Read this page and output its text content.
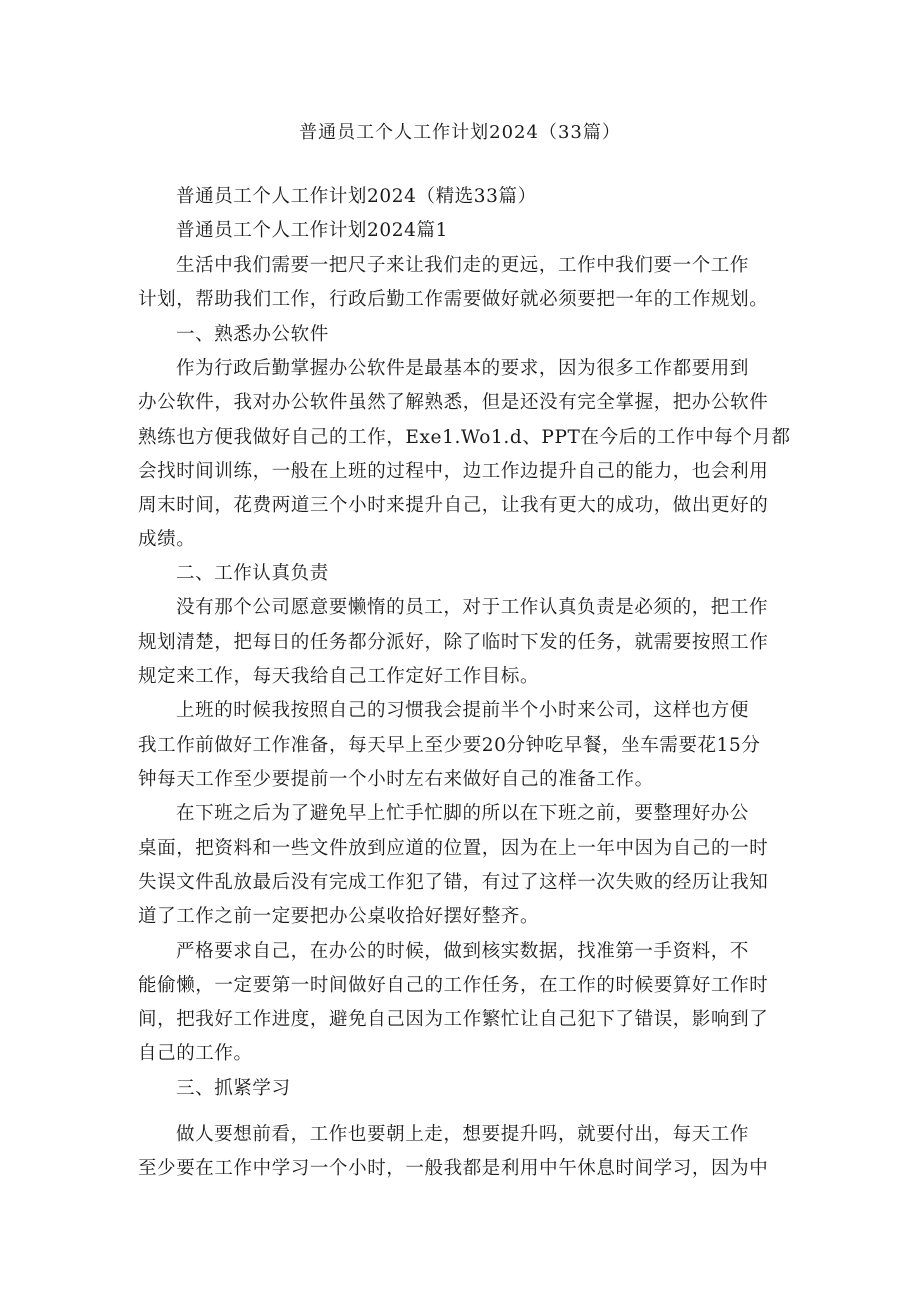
普通员工个人工作计划2024（33篇）
普通员工个人工作计划2024（精选33篇）
普通员工个人工作计划2024篇1
生活中我们需要一把尺子来让我们走的更远，工作中我们要一个工作
计划，帮助我们工作，行政后勤工作需要做好就必须要把一年的工作规划。
一、熟悉办公软件
作为行政后勤掌握办公软件是最基本的要求，因为很多工作都要用到
办公软件，我对办公软件虽然了解熟悉，但是还没有完全掌握，把办公软件
熟练也方便我做好自己的工作，Exe1.Wo1.d、PPT在今后的工作中每个月都
会找时间训练，一般在上班的过程中，边工作边提升自己的能力，也会利用
周末时间，花费两道三个小时来提升自己，让我有更大的成功，做出更好的
成绩。
二、工作认真负责
没有那个公司愿意要懒惰的员工，对于工作认真负责是必须的，把工作
规划清楚，把每日的任务都分派好，除了临时下发的任务，就需要按照工作
规定来工作，每天我给自己工作定好工作目标。
上班的时候我按照自己的习惯我会提前半个小时来公司，这样也方便
我工作前做好工作准备，每天早上至少要20分钟吃早餐，坐车需要花15分
钟每天工作至少要提前一个小时左右来做好自己的准备工作。
在下班之后为了避免早上忙手忙脚的所以在下班之前，要整理好办公
桌面，把资料和一些文件放到应道的位置，因为在上一年中因为自己的一时
失误文件乱放最后没有完成工作犯了错，有过了这样一次失败的经历让我知
道了工作之前一定要把办公桌收拾好摆好整齐。
严格要求自己，在办公的时候，做到核实数据，找准第一手资料，不
能偷懒，一定要第一时间做好自己的工作任务，在工作的时候要算好工作时
间，把我好工作进度，避免自己因为工作繁忙让自己犯下了错误，影响到了
自己的工作。
三、抓紧学习
做人要想前看，工作也要朝上走，想要提升吗，就要付出，每天工作
至少要在工作中学习一个小时，一般我都是利用中午休息时间学习，因为中
